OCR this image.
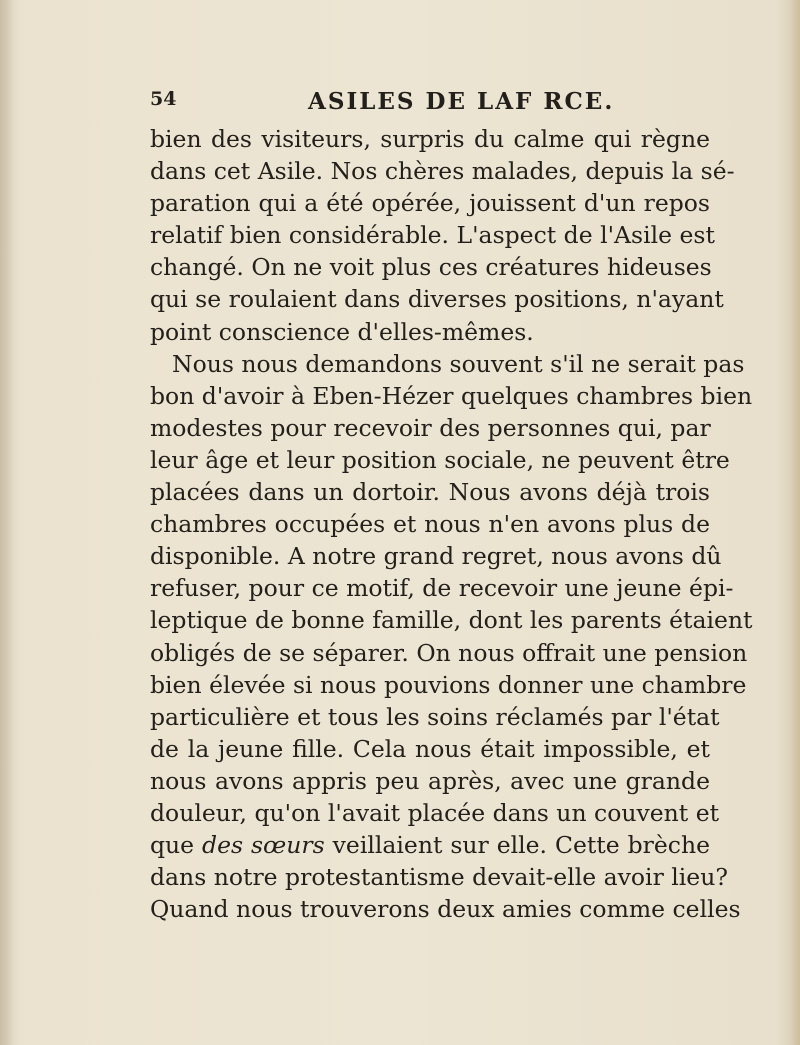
54	ASILES DE LAF RCE.
bien des visiteurs, surpris du calme qui règne
dans cet Asile. Nos chères malades, depuis la sé-
paration qui a été opérée, jouissent d'un repos
relatif bien considérable. L'aspect de l'Asile est
changé. On ne voit plus ces créatures hideuses
qui se roulaient dans diverses positions, n'ayant
point conscience d'elles-mêmes.
Nous nous demandons souvent s'il ne serait pas
bon d'avoir à Eben-Hézer quelques chambres bien
modestes pour recevoir des personnes qui, par
leur âge et leur position sociale, ne peuvent être
placées dans un dortoir. Nous avons déjà trois
chambres occupées et nous n'en avons plus de
disponible. A notre grand regret, nous avons dû
refuser, pour ce motif, de recevoir une jeune épi-
leptique de bonne famille, dont les parents étaient
obligés de se séparer. On nous offrait une pension
bien élevée si nous pouvions donner une chambre
particulière et tous les soins réclamés par l'état
de la jeune fille. Cela nous était impossible, et
nous avons appris peu après, avec une grande
douleur, qu'on l'avait placée dans un couvent et
que des sœurs veillaient sur elle. Cette brèche
dans notre protestantisme devait-elle avoir lieu?
Quand nous trouverons deux amies comme celles
